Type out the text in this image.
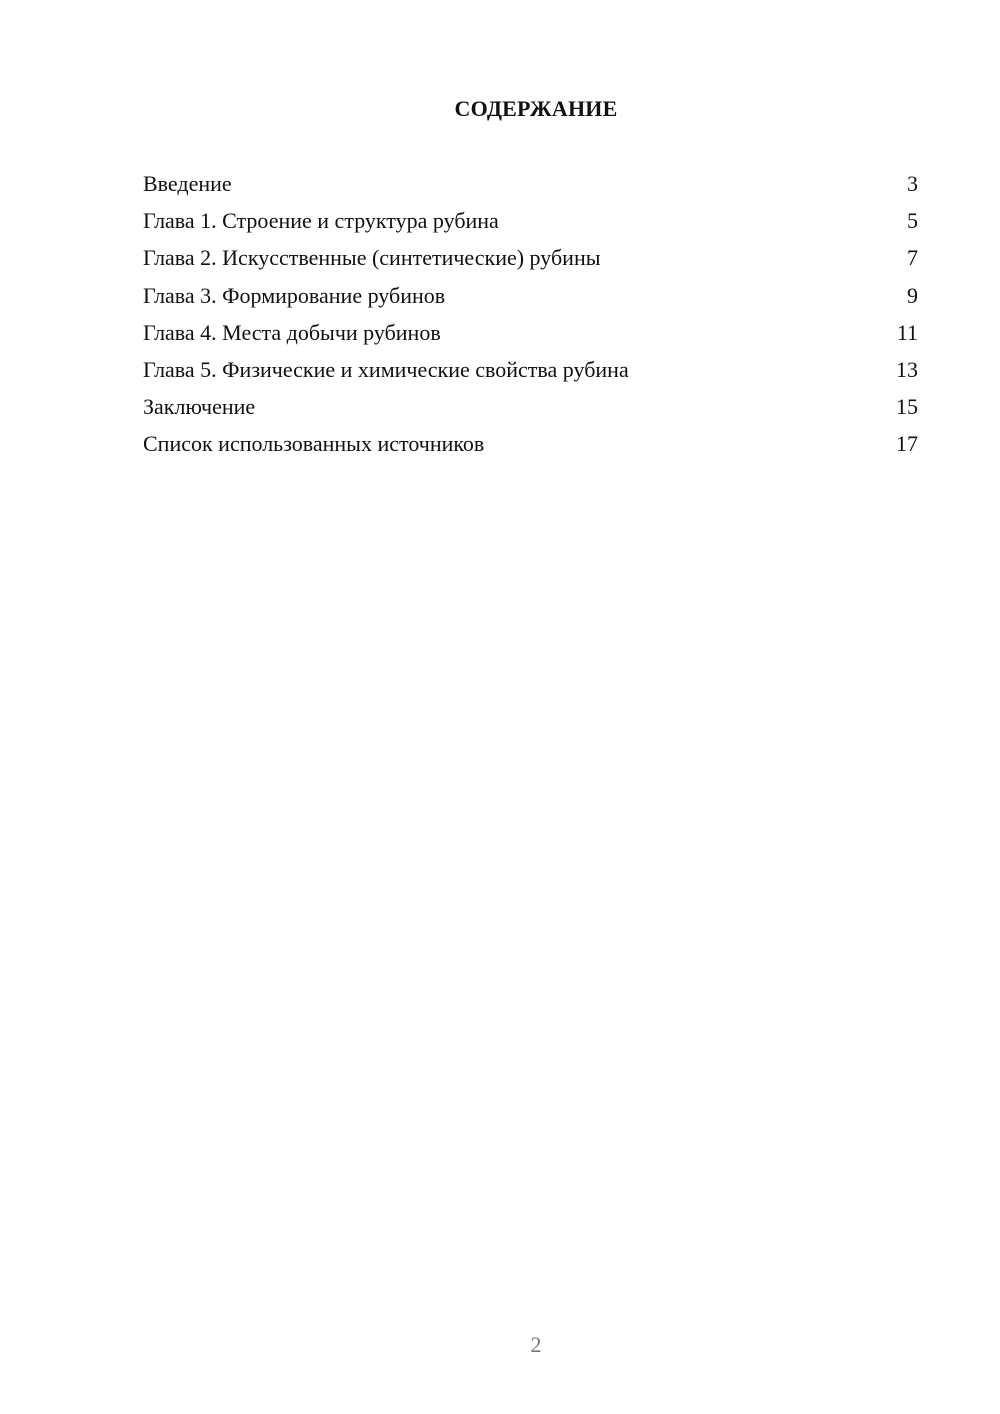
СОДЕРЖАНИЕ
Введение	3
Глава 1. Строение и структура рубина	5
Глава 2. Искусственные (синтетические) рубины	7
Глава 3. Формирование рубинов	9
Глава 4. Места добычи рубинов	11
Глава 5. Физические и химические свойства рубина	13
Заключение	15
Список использованных источников	17
2
